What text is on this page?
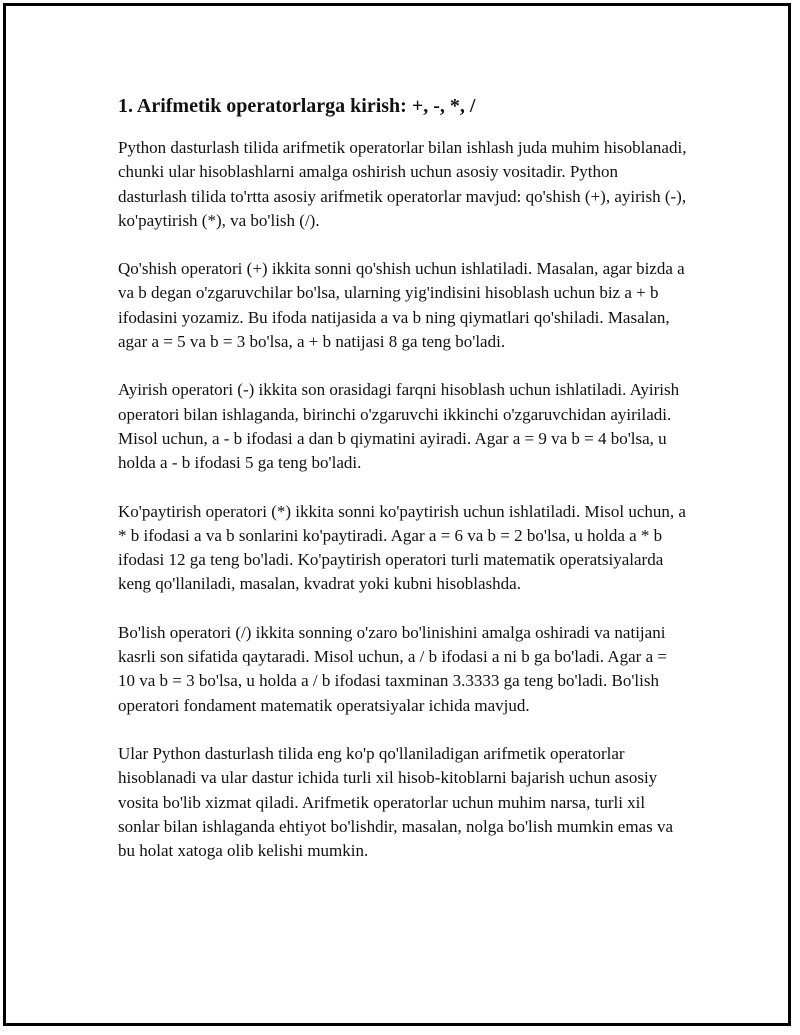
1. Arifmetik operatorlarga kirish: +, -, *, /

Python dasturlash tilida arifmetik operatorlar bilan ishlash juda muhim hisoblanadi, chunki ular hisoblashlarni amalga oshirish uchun asosiy vositadir. Python dasturlash tilida to'rtta asosiy arifmetik operatorlar mavjud: qo'shish (+), ayirish (-), ko'paytirish (*), va bo'lish (/).

Qo'shish operatori (+) ikkita sonni qo'shish uchun ishlatiladi. Masalan, agar bizda a va b degan o'zgaruvchilar bo'lsa, ularning yig'indisini hisoblash uchun biz a + b ifodasini yozamiz. Bu ifoda natijasida a va b ning qiymatlari qo'shiladi. Masalan, agar a = 5 va b = 3 bo'lsa, a + b natijasi 8 ga teng bo'ladi.

Ayirish operatori (-) ikkita son orasidagi farqni hisoblash uchun ishlatiladi. Ayirish operatori bilan ishlaganda, birinchi o'zgaruvchi ikkinchi o'zgaruvchidan ayiriladi. Misol uchun, a - b ifodasi a dan b qiymatini ayiradi. Agar a = 9 va b = 4 bo'lsa, u holda a - b ifodasi 5 ga teng bo'ladi.

Ko'paytirish operatori (*) ikkita sonni ko'paytirish uchun ishlatiladi. Misol uchun, a * b ifodasi a va b sonlarini ko'paytiradi. Agar a = 6 va b = 2 bo'lsa, u holda a * b ifodasi 12 ga teng bo'ladi. Ko'paytirish operatori turli matematik operatsiyalarda keng qo'llaniladi, masalan, kvadrat yoki kubni hisoblashda.

Bo'lish operatori (/) ikkita sonning o'zaro bo'linishini amalga oshiradi va natijani kasrli son sifatida qaytaradi. Misol uchun, a / b ifodasi a ni b ga bo'ladi. Agar a = 10 va b = 3 bo'lsa, u holda a / b ifodasi taxminan 3.3333 ga teng bo'ladi. Bo'lish operatori fondament matematik operatsiyalar ichida mavjud.

Ular Python dasturlash tilida eng ko'p qo'llaniladigan arifmetik operatorlar hisoblanadi va ular dastur ichida turli xil hisob-kitoblarni bajarish uchun asosiy vosita bo'lib xizmat qiladi. Arifmetik operatorlar uchun muhim narsa, turli xil sonlar bilan ishlaganda ehtiyot bo'lishdir, masalan, nolga bo'lish mumkin emas va bu holat xatoga olib kelishi mumkin.
